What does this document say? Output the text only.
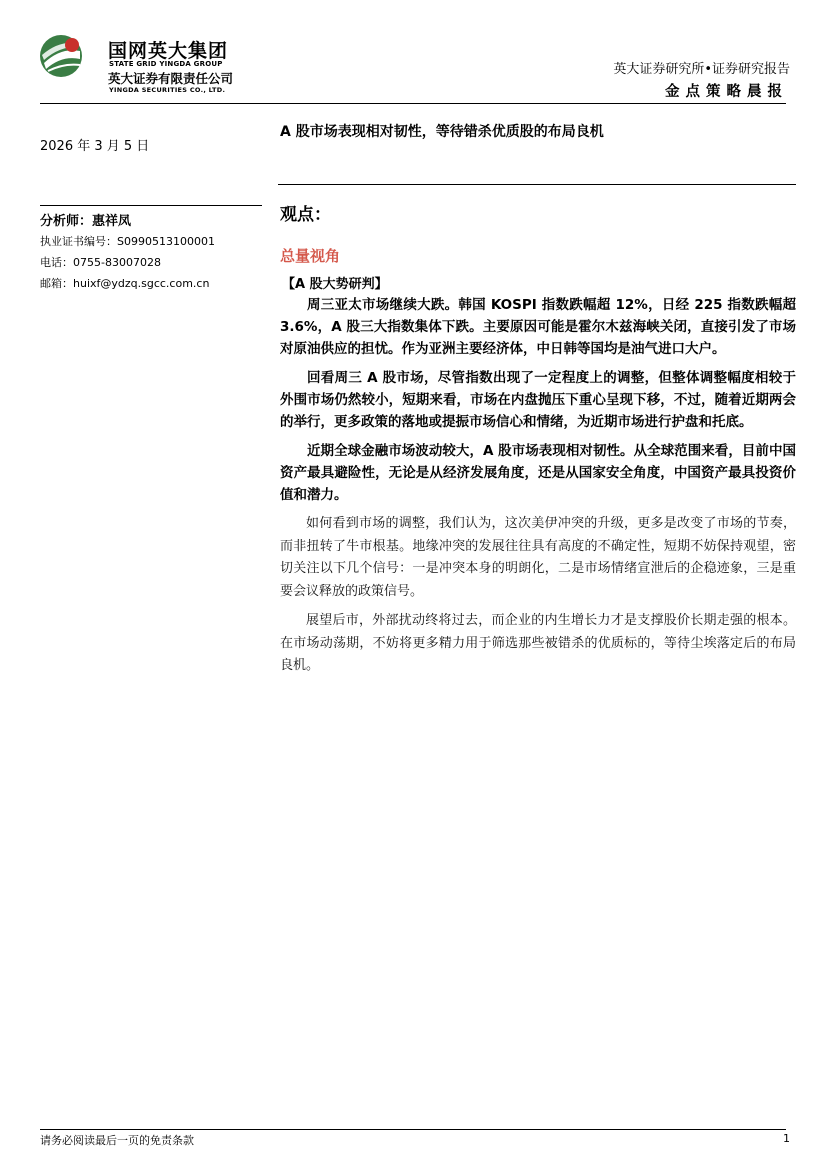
国网英大集团
STATE GRID YINGDA GROUP
英大证券有限责任公司
YINGDA SECURITIES CO., LTD.
英大证券研究所•证券研究报告
金点策略晨报
2026 年 3 月 5 日
分析师：惠祥凤
执业证书编号：S0990513100001
电话：0755-83007028
邮箱：huixf@ydzq.sgcc.com.cn
A 股市场表现相对韧性，等待错杀优质股的布局良机
观点：
总量视角
【A 股大势研判】

周三亚太市场继续大跌。韩国 KOSPI 指数跌幅超 12%，日经 225 指数跌幅超 3.6%，A 股三大指数集体下跌。主要原因可能是霍尔木兹海峡关闭，直接引发了市场对原油供应的担忧。作为亚洲主要经济体，中日韩等国均是油气进口大户。

回看周三 A 股市场，尽管指数出现了一定程度上的调整，但整体调整幅度相较于外围市场仍然较小，短期来看，市场在内盘抛压下重心呈现下移，不过，随着近期两会的举行，更多政策的落地或提振市场信心和情绪，为近期市场进行护盘和托底。

近期全球金融市场波动较大，A 股市场表现相对韧性。从全球范围来看，目前中国资产最具避险性，无论是从经济发展角度，还是从国家安全角度，中国资产最具投资价值和潜力。

如何看到市场的调整，我们认为，这次美伊冲突的升级，更多是改变了市场的节奏，而非扭转了牛市根基。地缘冲突的发展往往具有高度的不确定性，短期不妨保持观望，密切关注以下几个信号：一是冲突本身的明朗化，二是市场情绪宣泄后的企稳迹象，三是重要会议释放的政策信号。

展望后市，外部扰动终将过去，而企业的内生增长力才是支撑股价长期走强的根本。在市场动荡期，不妨将更多精力用于筛选那些被错杀的优质标的，等待尘埃落定后的布局良机。

请务必阅读最后一页的免责条款	1
